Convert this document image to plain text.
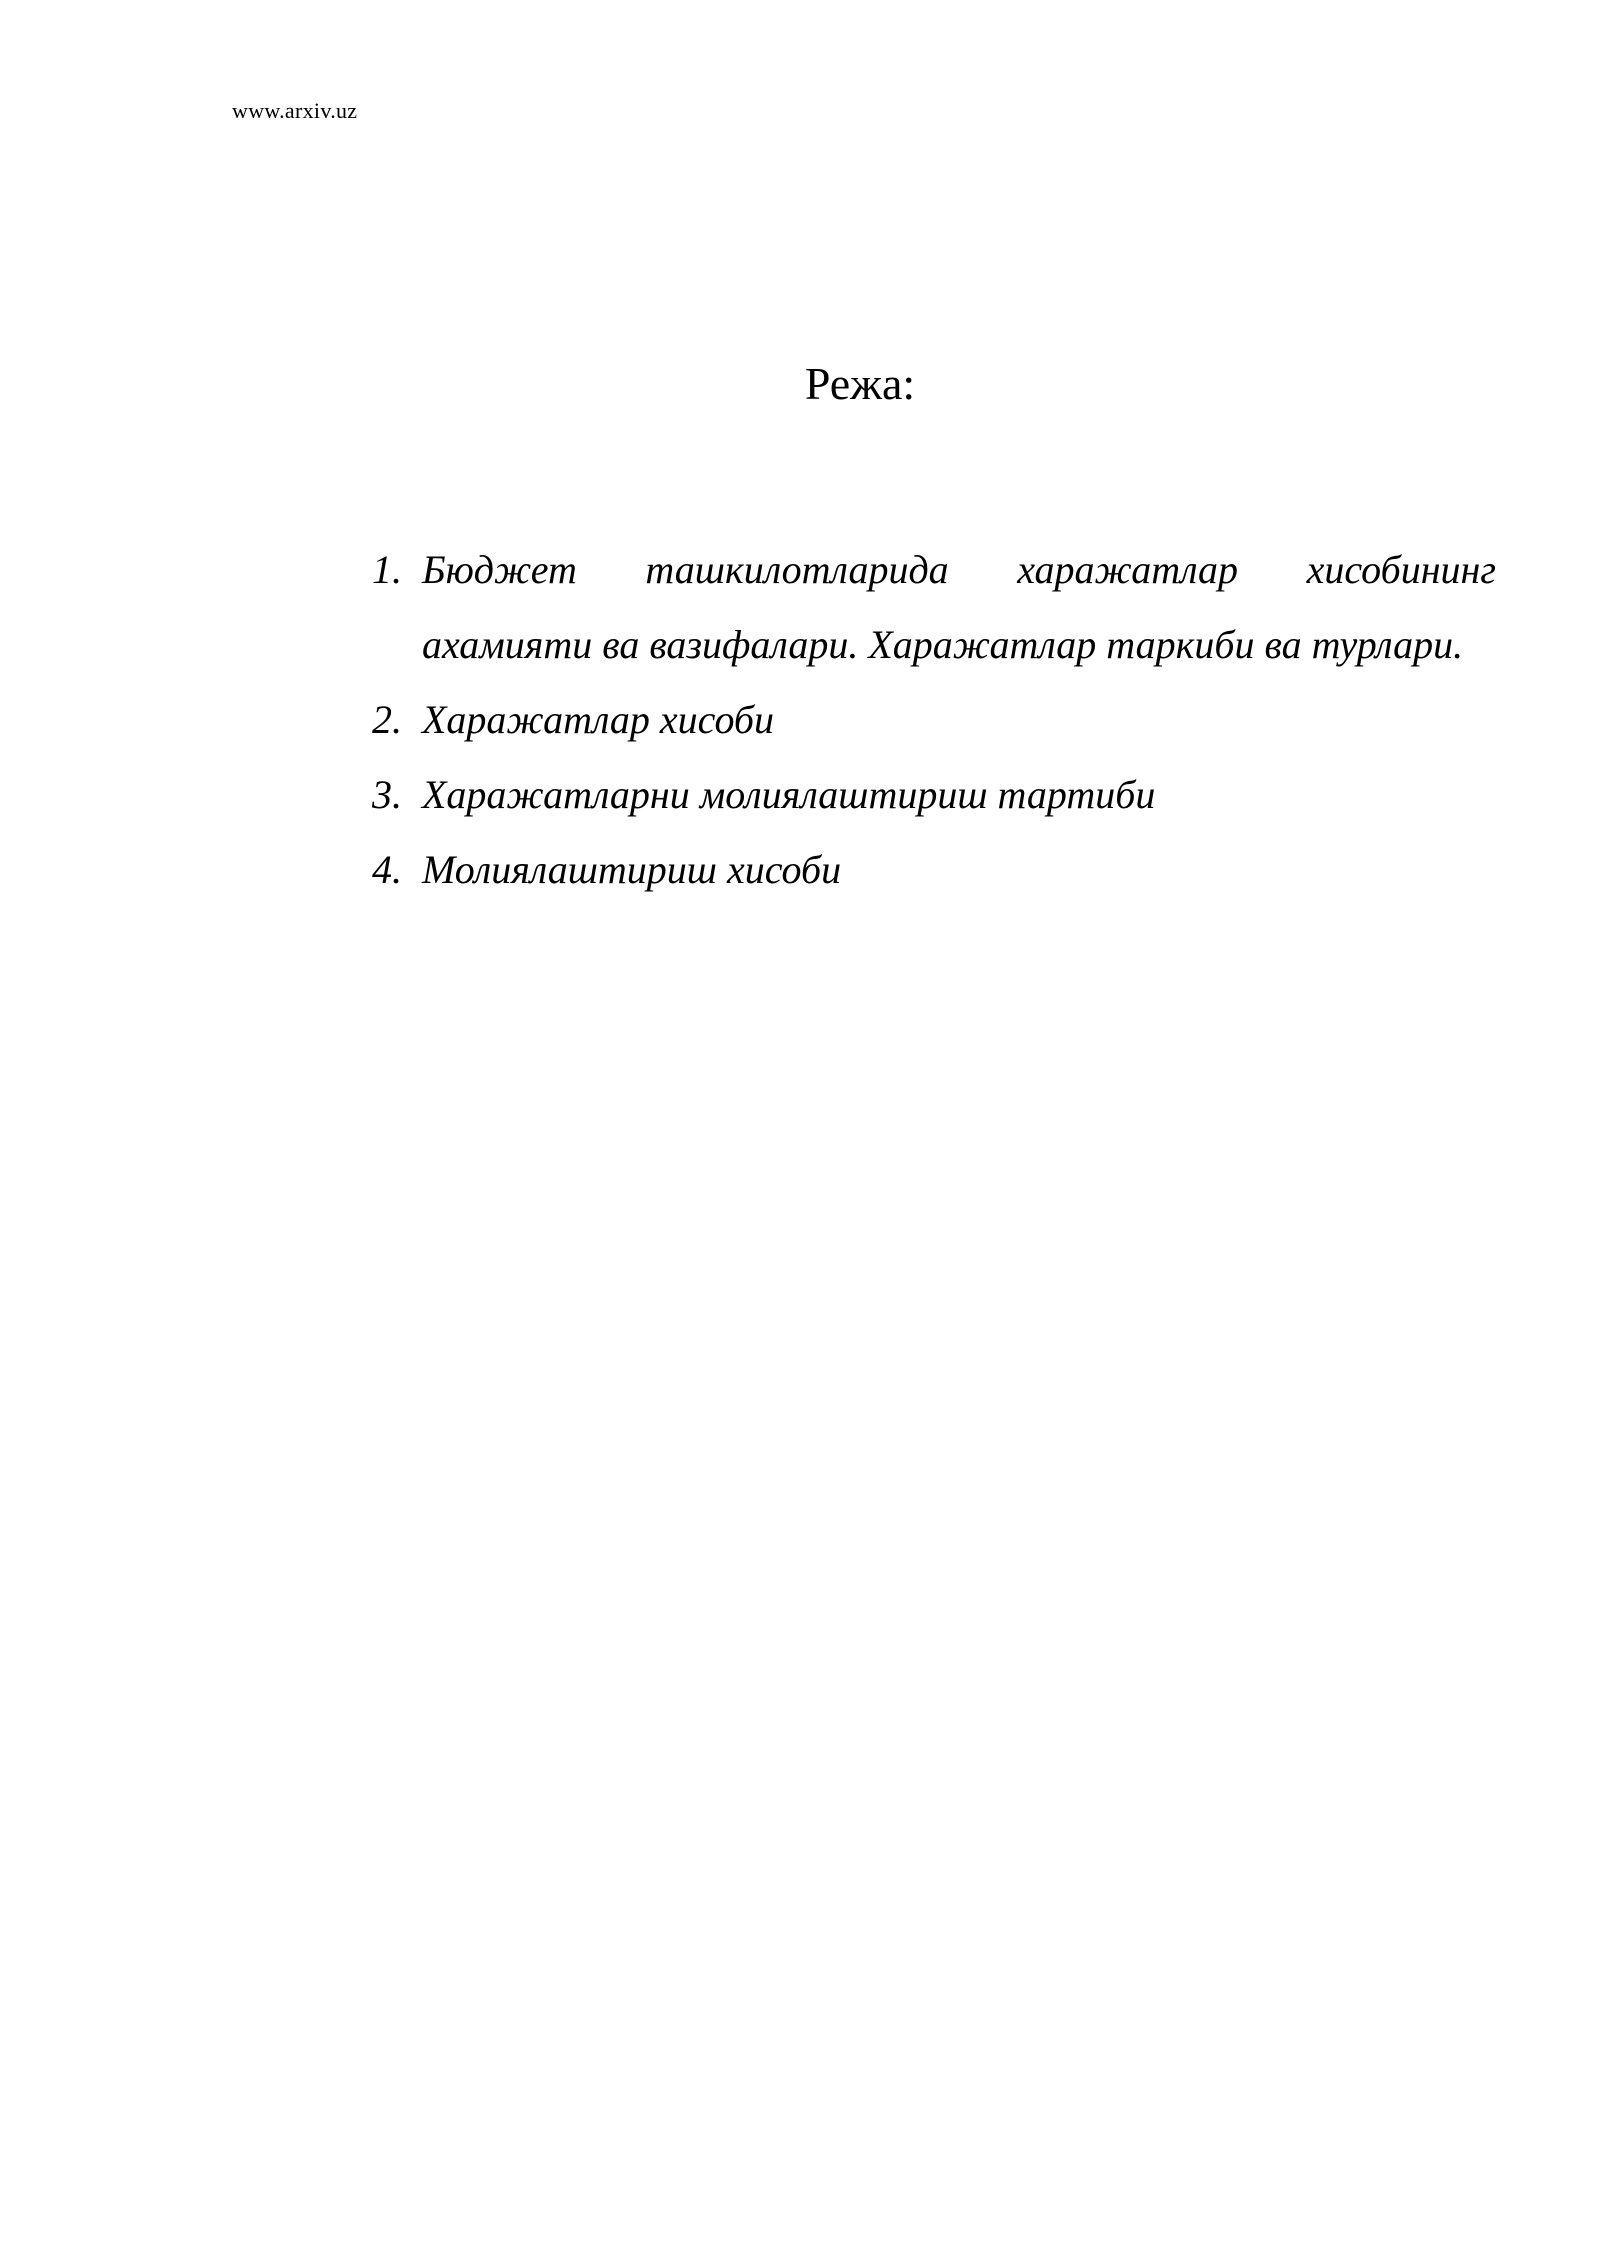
www.arxiv.uz
Режа:
1. Бюджет ташкилотларида харажатлар хисобининг ахамияти ва вазифалари. Харажатлар таркиби ва турлари.
2. Харажатлар хисоби
3. Харажатларни молиялаштириш тартиби
4. Молиялаштириш хисоби
